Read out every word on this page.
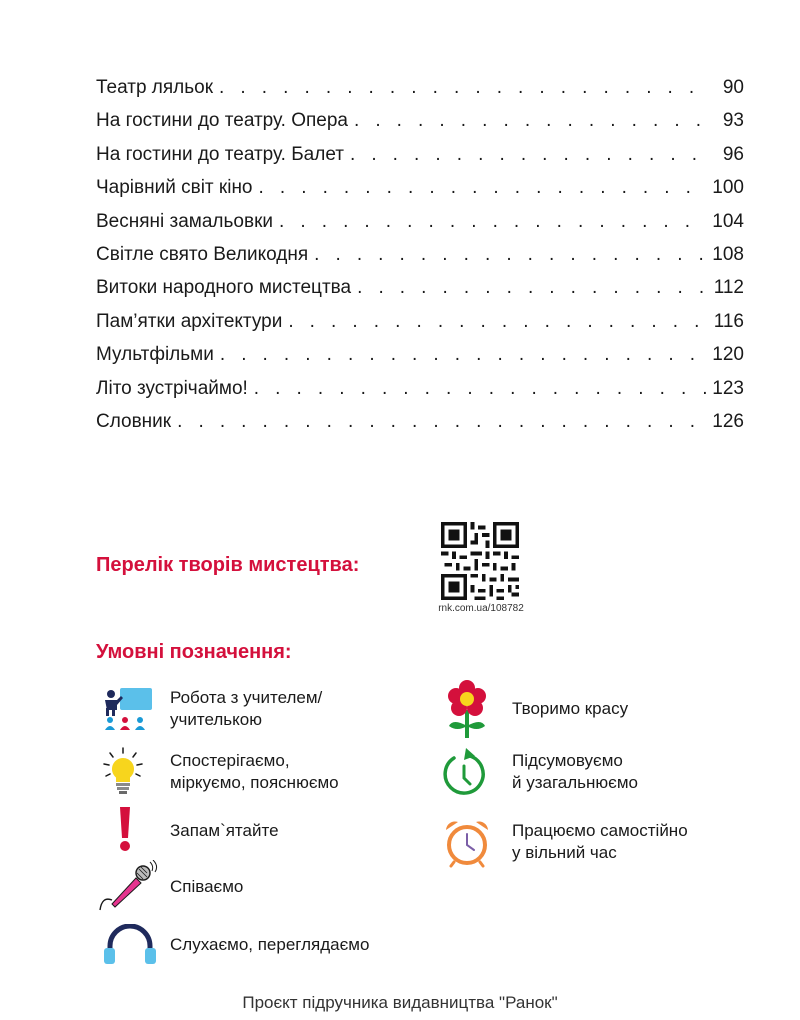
Театр ляльок . . .	90
На гостини до театру. Опера . . .	93
На гостини до театру. Балет . . .	96
Чарівний світ кіно . . .	100
Весняні замальовки . . .	104
Світле свято Великодня . . .	108
Витоки народного мистецтва . . .	112
Пам’ятки архітектури . . .	116
Мультфільми . . .	120
Літо зустрічаймо! . . .	123
Словник . . .	126
Перелік творів мистецтва:
rnk.com.ua/108782
Умовні позначення:
Робота з учителем/
учителькою
Спостерігаємо,
міркуємо, пояснюємо
Запам`ятайте
Співаємо
Слухаємо, переглядаємо
Творимо красу
Підсумовуємо
й узагальнюємо
Працюємо самостійно
у вільний час
Проєкт підручника видавництва "Ранок"
